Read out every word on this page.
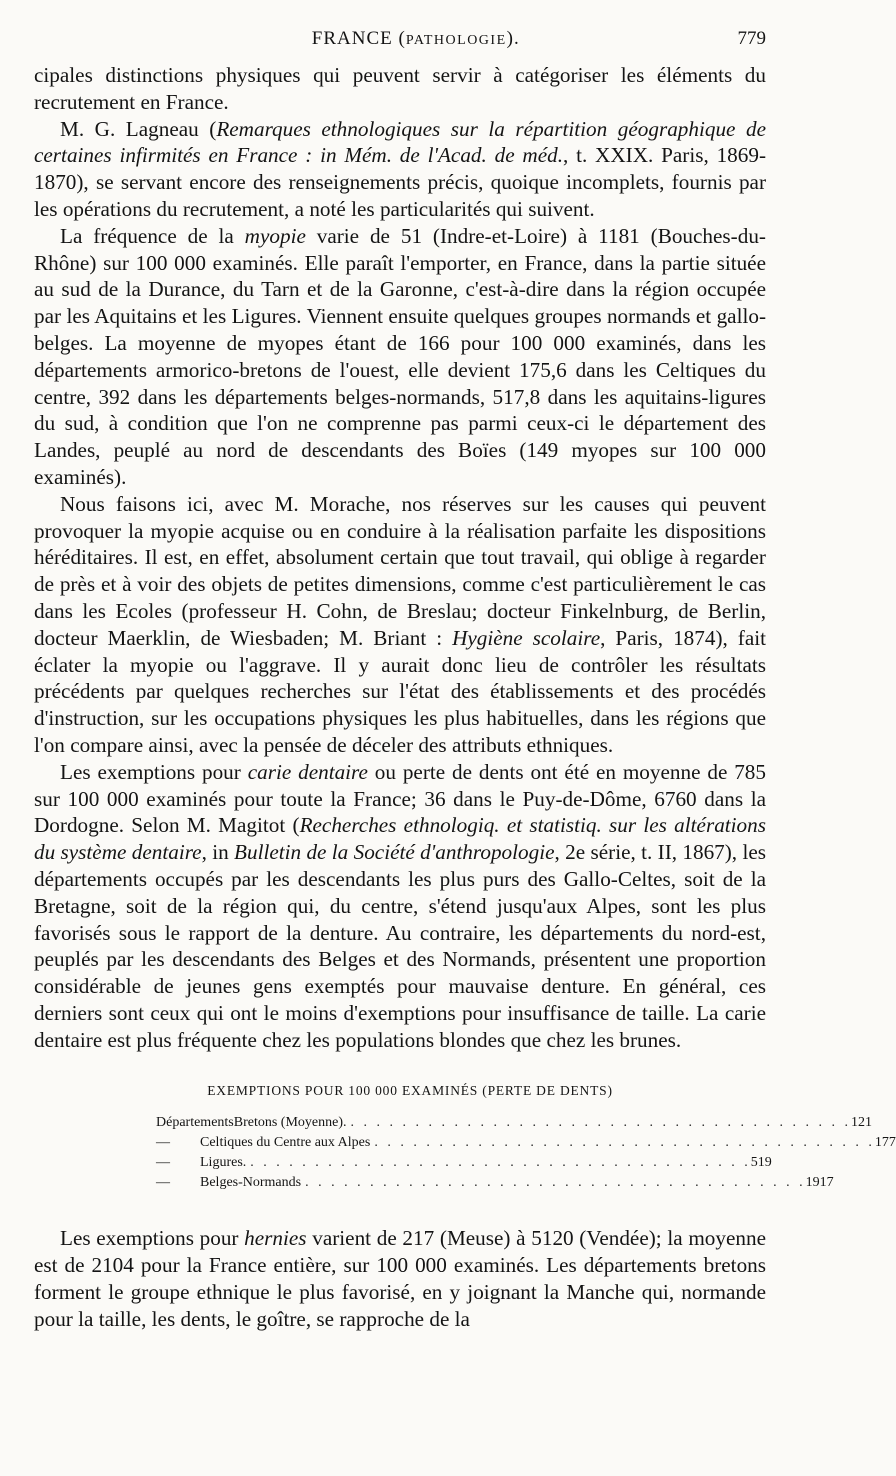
FRANCE (PATHOLOGIE).	779

cipales distinctions physiques qui peuvent servir à catégoriser les éléments du recrutement en France.

M. G. Lagneau (Remarques ethnologiques sur la répartition géographique de certaines infirmités en France : in Mém. de l'Acad. de méd., t. XXIX. Paris, 1869-1870), se servant encore des renseignements précis, quoique incomplets, fournis par les opérations du recrutement, a noté les particularités qui suivent.

La fréquence de la myopie varie de 51 (Indre-et-Loire) à 1181 (Bouches-du-Rhône) sur 100 000 examinés. Elle paraît l'emporter, en France, dans la partie située au sud de la Durance, du Tarn et de la Garonne, c'est-à-dire dans la région occupée par les Aquitains et les Ligures. Viennent ensuite quelques groupes normands et gallo-belges. La moyenne de myopes étant de 166 pour 100 000 examinés, dans les départements armorico-bretons de l'ouest, elle devient 175,6 dans les Celtiques du centre, 392 dans les départements belges-normands, 517,8 dans les aquitains-ligures du sud, à condition que l'on ne comprenne pas parmi ceux-ci le département des Landes, peuplé au nord de descendants des Boïes (149 myopes sur 100 000 examinés).

Nous faisons ici, avec M. Morache, nos réserves sur les causes qui peuvent provoquer la myopie acquise ou en conduire à la réalisation parfaite les dispositions héréditaires. Il est, en effet, absolument certain que tout travail, qui oblige à regarder de près et à voir des objets de petites dimensions, comme c'est particulièrement le cas dans les Ecoles (professeur H. Cohn, de Breslau; docteur Finkelnburg, de Berlin, docteur Maerklin, de Wiesbaden; M. Briant : Hygiène scolaire, Paris, 1874), fait éclater la myopie ou l'aggrave. Il y aurait donc lieu de contrôler les résultats précédents par quelques recherches sur l'état des établissements et des procédés d'instruction, sur les occupations physiques les plus habituelles, dans les régions que l'on compare ainsi, avec la pensée de déceler des attributs ethniques.

Les exemptions pour carie dentaire ou perte de dents ont été en moyenne de 785 sur 100 000 examinés pour toute la France; 36 dans le Puy-de-Dôme, 6760 dans la Dordogne. Selon M. Magitot (Recherches ethnologiq. et statistiq. sur les altérations du système dentaire, in Bulletin de la Société d'anthropologie, 2e série, t. II, 1867), les départements occupés par les descendants les plus purs des Gallo-Celtes, soit de la Bretagne, soit de la région qui, du centre, s'étend jusqu'aux Alpes, sont les plus favorisés sous le rapport de la denture. Au contraire, les départements du nord-est, peuplés par les descendants des Belges et des Normands, présentent une proportion considérable de jeunes gens exemptés pour mauvaise denture. En général, ces derniers sont ceux qui ont le moins d'exemptions pour insuffisance de taille. La carie dentaire est plus fréquente chez les populations blondes que chez les brunes.

EXEMPTIONS POUR 100 000 EXAMINÉS (PERTE DE DENTS)
Départements Bretons (Moyenne). . . . . . . . . . . . . . . . . . . . . . . . . . . . . . . . . . . . . . . . 121
—	Celtiques du Centre aux Alpes . . . . . . . . . . . . . . . . . . . . . . . . . . . . . . . . . . . . . . . 177
—	Ligures. . . . . . . . . . . . . . . . . . . . . . . . . . . . . . . . . . . . . . . . 519
—	Belges-Normands . . . . . . . . . . . . . . . . . . . . . . . . . . . . . . . . . . . . . . . 1917

Les exemptions pour hernies varient de 217 (Meuse) à 5120 (Vendée); la moyenne est de 2104 pour la France entière, sur 100 000 examinés. Les départements bretons forment le groupe ethnique le plus favorisé, en y joignant la Manche qui, normande pour la taille, les dents, le goître, se rapproche de la
